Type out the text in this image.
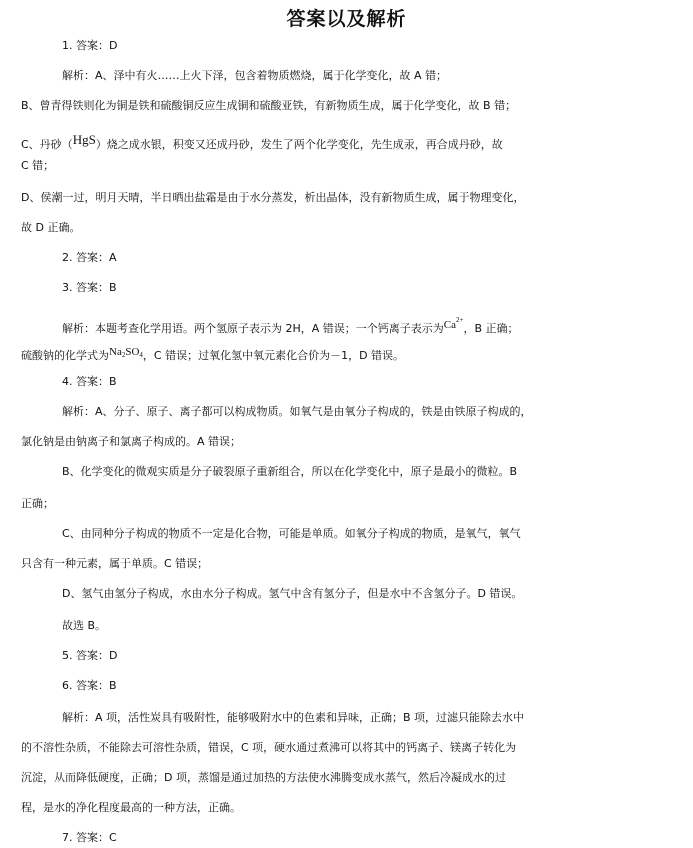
答案以及解析
1. 答案：D
解析：A、泽中有火……上火下泽，包含着物质燃烧，属于化学变化，故 A 错；
B、曾青得铁则化为铜是铁和硫酸铜反应生成铜和硫酸亚铁，有新物质生成，属于化学变化，故 B 错；
C、丹砂（HgS）烧之成水银，积变又还成丹砂，发生了两个化学变化，先生成汞，再合成丹砂，故
C 错；
D、侯潮一过，明月天晴，半日晒出盐霜是由于水分蒸发，析出晶体，没有新物质生成，属于物理变化，
故 D 正确。
2. 答案：A
3. 答案：B
解析：本题考查化学用语。两个氢原子表示为 2H，A 错误；一个钙离子表示为$Ca^{2+}$，B 正确；
硫酸钠的化学式为$Na_2SO_4$，C 错误；过氧化氢中氧元素化合价为－1，D 错误。
4. 答案：B
解析：A、分子、原子、离子都可以构成物质。如氧气是由氧分子构成的，铁是由铁原子构成的，
氯化钠是由钠离子和氯离子构成的。A 错误；
B、化学变化的微观实质是分子破裂原子重新组合，所以在化学变化中，原子是最小的微粒。B
正确；
C、由同种分子构成的物质不一定是化合物，可能是单质。如氧分子构成的物质，是氧气，氧气
只含有一种元素，属于单质。C 错误；
D、氢气由氢分子构成，水由水分子构成。氢气中含有氢分子，但是水中不含氢分子。D 错误。
故选 B。
5. 答案：D
6. 答案：B
解析：A 项，活性炭具有吸附性，能够吸附水中的色素和异味，正确；B 项，过滤只能除去水中
的不溶性杂质，不能除去可溶性杂质，错误，C 项，硬水通过煮沸可以将其中的钙离子、镁离子转化为
沉淀，从而降低硬度，正确；D 项，蒸馏是通过加热的方法使水沸腾变成水蒸气，然后冷凝成水的过
程，是水的净化程度最高的一种方法，正确。
7. 答案：C
